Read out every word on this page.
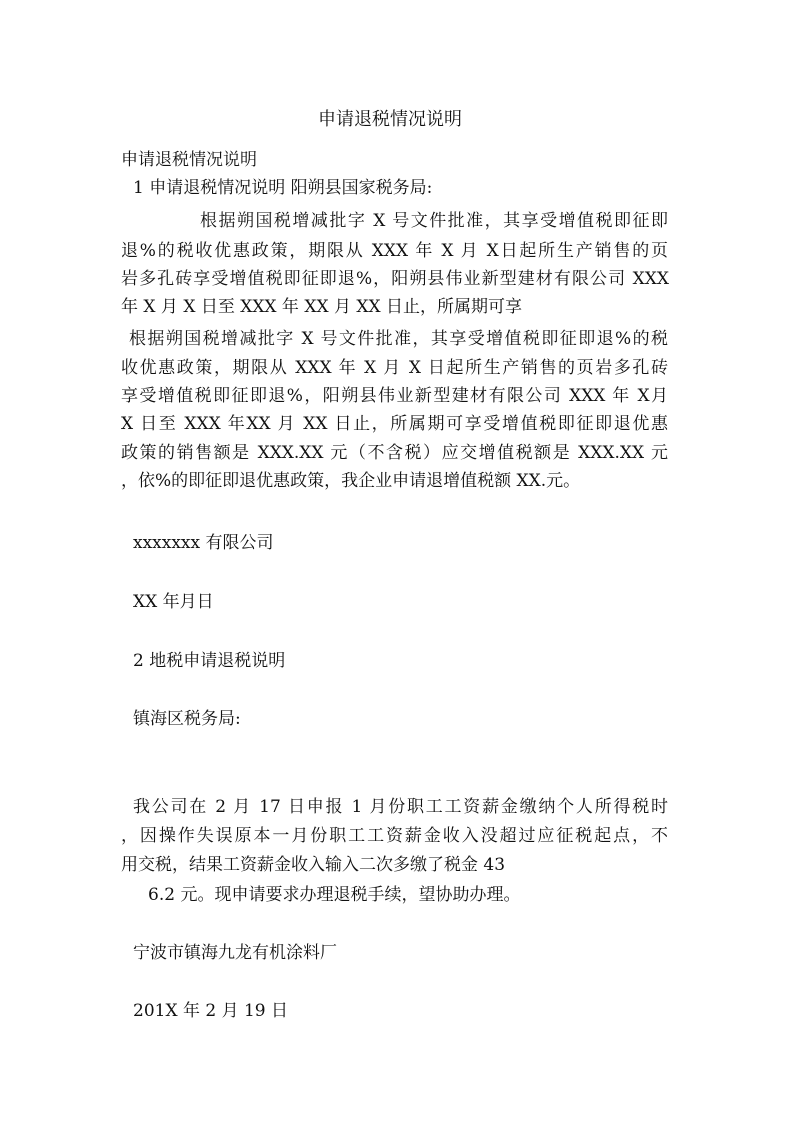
申请退税情况说明
申请退税情况说明
1 申请退税情况说明 阳朔县国家税务局:
根据朔国税增减批字 X 号文件批准，其享受增值税即征即
退%的税收优惠政策，期限从 XXX 年 X 月 X日起所生产销售的页
岩多孔砖享受增值税即征即退%，阳朔县伟业新型建材有限公司 XXX
年 X 月 X 日至 XXX 年 XX 月 XX 日止，所属期可享
根据朔国税增减批字 X 号文件批准，其享受增值税即征即退%的税
收优惠政策，期限从 XXX 年 X 月 X 日起所生产销售的页岩多孔砖
享受增值税即征即退%，阳朔县伟业新型建材有限公司 XXX 年 X月
X 日至 XXX 年XX 月 XX 日止，所属期可享受增值税即征即退优惠
政策的销售额是 XXX.XX 元（不含税）应交增值税额是 XXX.XX 元
，依%的即征即退优惠政策，我企业申请退增值税额 XX.元。
xxxxxxx 有限公司
XX 年月日
2 地税申请退税说明
镇海区税务局:
我公司在 2 月 17 日申报 1 月份职工工资薪金缴纳个人所得税时
，因操作失误原本一月份职工工资薪金收入没超过应征税起点，不
用交税，结果工资薪金收入输入二次多缴了税金 43
6.2 元。现申请要求办理退税手续，望协助办理。
宁波市镇海九龙有机涂料厂
201X 年 2 月 19 日
